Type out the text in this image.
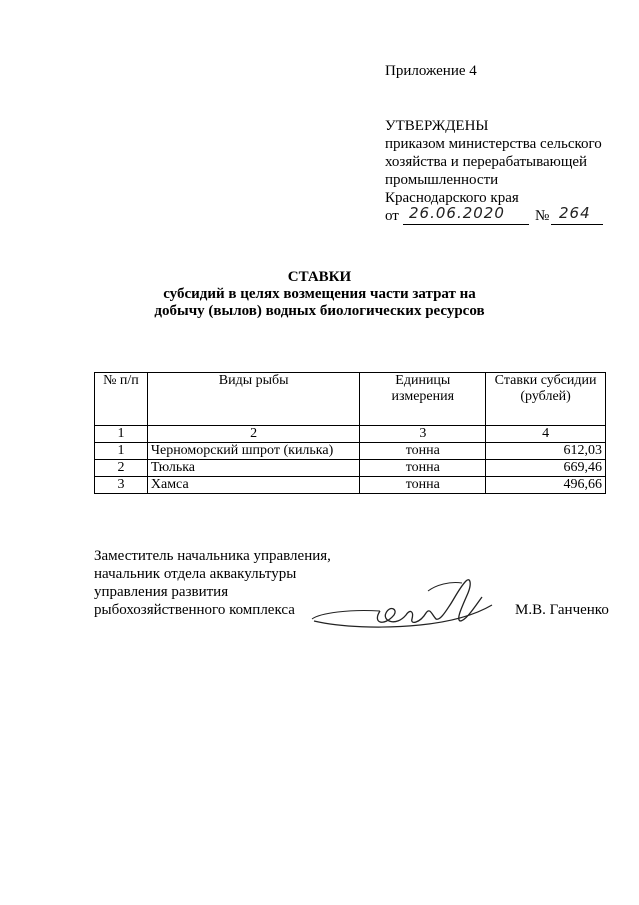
Приложение 4
УТВЕРЖДЕНЫ
приказом министерства сельского
хозяйства и перерабатывающей
промышленности
Краснодарского края
от 26.06.2020 № 264
СТАВКИ
субсидий в целях возмещения части затрат на
добычу (вылов) водных биологических ресурсов
№ п/п	Виды рыбы	Единицы измерения	Ставки субсидии (рублей)
1	2	3	4
1	Черноморский шпрот (килька)	тонна	612,03
2	Тюлька	тонна	669,46
3	Хамса	тонна	496,66
Заместитель начальника управления,
начальник отдела аквакультуры
управления развития
рыбохозяйственного комплекса	М.В. Ганченко
